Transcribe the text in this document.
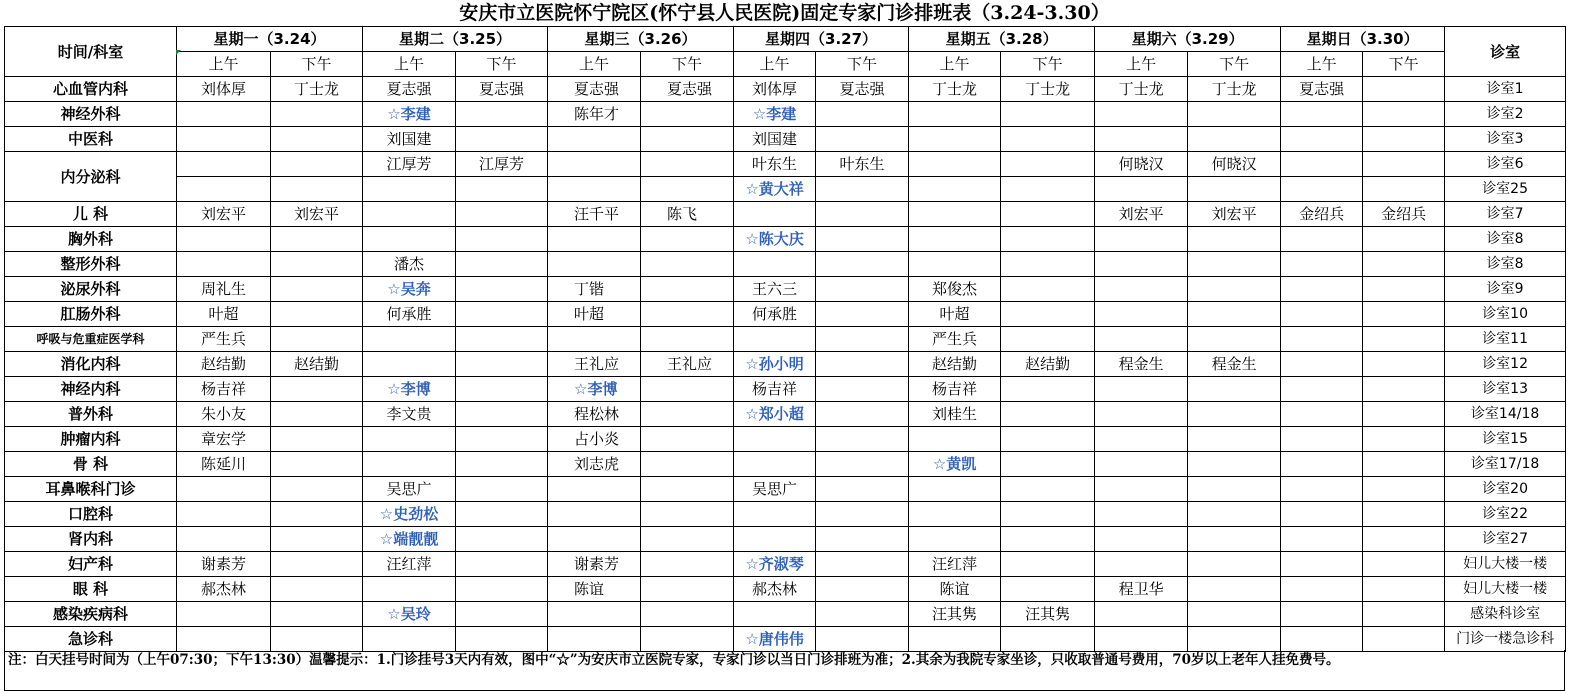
安庆市立医院怀宁院区(怀宁县人民医院)固定专家门诊排班表（3.24-3.30）
时间/科室	星期一（3.24）		星期二（3.25）		星期三（3.26）		星期四（3.27）		星期五（3.28）		星期六（3.29）		星期日（3.30）		诊室
	上午	下午	上午	下午	上午	下午	上午	下午	上午	下午	上午	下午	上午	下午	
心血管内科	刘体厚	丁士龙	夏志强	夏志强	夏志强	夏志强	刘体厚	夏志强	丁士龙	丁士龙	丁士龙	丁士龙	夏志强		诊室1
神经外科			☆李建		陈年才		☆李建								诊室2
中医科			刘国建				刘国建								诊室3
内分泌科			江厚芳	江厚芳			叶东生	叶东生			何晓汉	何晓汉			诊室6
							☆黄大祥								诊室25
儿 科	刘宏平	刘宏平			汪千平	陈飞					刘宏平	刘宏平	金绍兵	金绍兵	诊室7
胸外科							☆陈大庆								诊室8
整形外科			潘杰												诊室8
泌尿外科	周礼生		☆吴奔		丁锴		王六三		郑俊杰						诊室9
肛肠外科	叶超		何承胜		叶超		何承胜		叶超						诊室10
呼吸与危重症医学科	严生兵								严生兵						诊室11
消化内科	赵结勤	赵结勤			王礼应	王礼应	☆孙小明		赵结勤	赵结勤	程金生	程金生			诊室12
神经内科	杨吉祥		☆李博		☆李博		杨吉祥		杨吉祥						诊室13
普外科	朱小友		李文贵		程松林		☆郑小超		刘桂生						诊室14/18
肿瘤内科	章宏学				占小炎										诊室15
骨 科	陈延川				刘志虎				☆黄凯						诊室17/18
耳鼻喉科门诊			吴思广				吴思广								诊室20
口腔科			☆史劲松												诊室22
肾内科			☆端靓靓												诊室27
妇产科	谢素芳		汪红萍		谢素芳		☆齐淑琴		汪红萍						妇儿大楼一楼
眼 科	郝杰林				陈谊		郝杰林		陈谊		程卫华				妇儿大楼一楼
感染疾病科			☆吴玲						汪其隽	汪其隽					感染科诊室
急诊科							☆唐伟伟								门诊一楼急诊科
注：白天挂号时间为（上午07:30；下午13:30）温馨提示：1.门诊挂号3天内有效，图中“☆”为安庆市立医院专家，专家门诊以当日门诊排班为准；2.其余为我院专家坐诊，只收取普通号费用，70岁以上老年人挂免费号。
